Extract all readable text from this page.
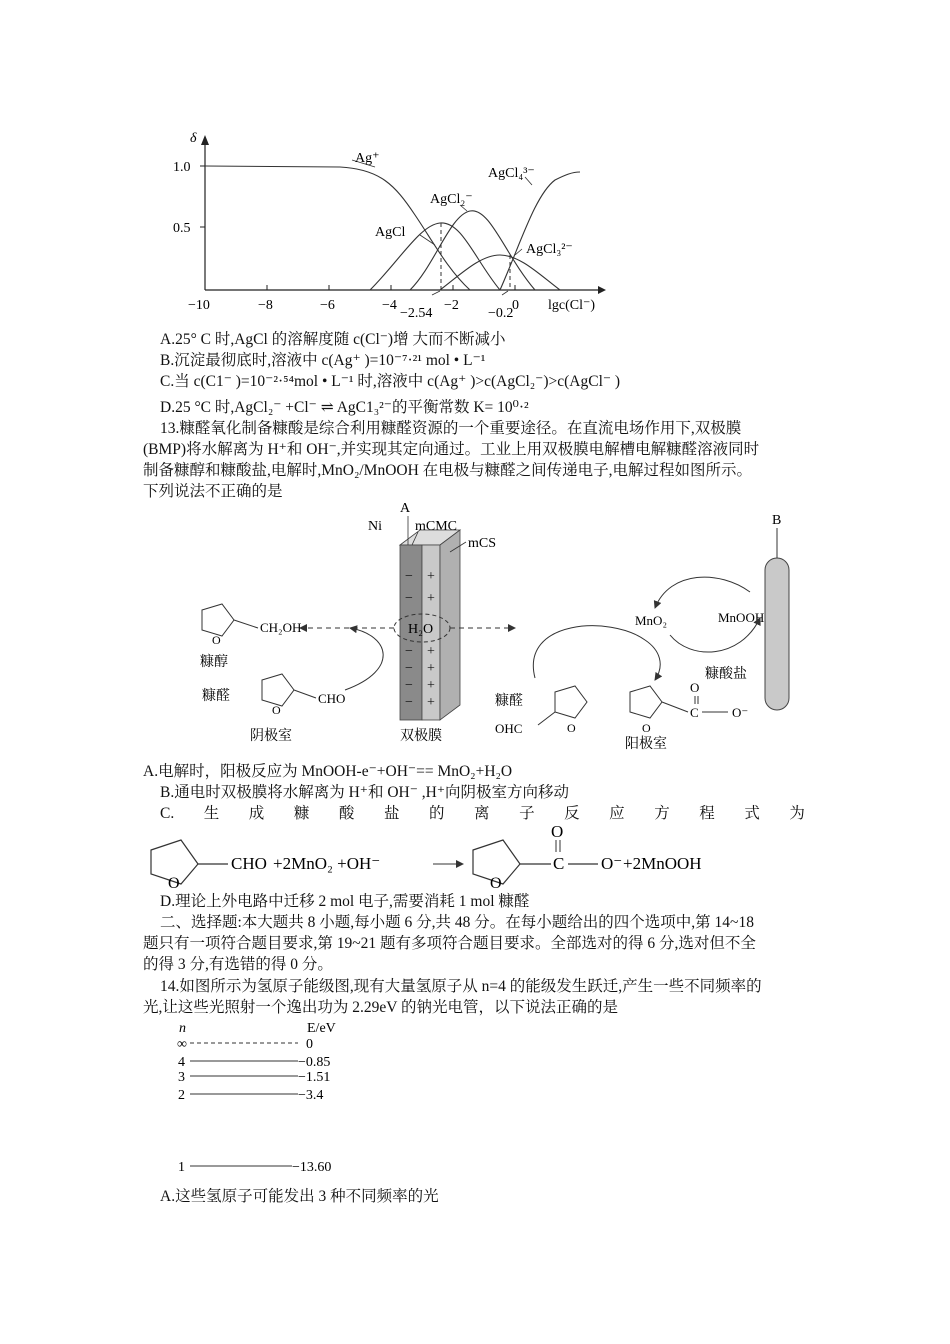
δ
1.0
0.5
−10	−8	−6	−4	−2	0 lgc(Cl⁻)
−2.54	−0.2
Ag⁺
AgCl
AgCl₂⁻
AgCl₃²⁻
AgCl₄³⁻
A.25° C 时,AgCl 的溶解度随 c(Cl⁻)增 大而不断减小
B.沉淀最彻底时,溶液中 c(Ag⁺ )=10⁻⁷·²¹ mol • L⁻¹
C.当 c(C1⁻ )=10⁻²·⁵⁴mol • L⁻¹ 时,溶液中 c(Ag⁺ )>c(AgCl₂⁻)>c(AgCl⁻ )
D.25 °C 时,AgCl₂⁻ +Cl⁻ ⇌ AgC1₃²⁻的平衡常数 K= 10⁰·²
13.糠醛氧化制备糠酸是综合利用糠醛资源的一个重要途径。在直流电场作用下,双极膜
(BMP)将水解离为 H⁺和 OH⁻,并实现其定向通过。工业上用双极膜电解槽电解糠醛溶液同时
制备糠醇和糠酸盐,电解时,MnO₂/MnOOH 在电极与糠醛之间传递电子,电解过程如图所示。
下列说法不正确的是
− +
− +
− +
− +
− +
− +
H₂O
Ni
A
mCMC
mCS
O
CH₂OH
糠醇
O
CHO
糠醛
阴极室	双极膜
B
MnO₂	MnOOH
糠酸盐
O
OHC
糠醛
O
C
O
O⁻
阳极室
A.电解时，阳极反应为 MnOOH-e⁻+OH⁻== MnO₂+H₂O
B.通电时双极膜将水解离为 H⁺和 OH⁻ ,H⁺向阴极室方向移动
C. 生 成 糠 酸 盐 的 离 子 反 应 方 程 式 为
O
CHO +2MnO₂ +OH⁻
O
C
O
O⁻ +2MnOOH
D.理论上外电路中迁移 2 mol 电子,需要消耗 1 mol 糠醛
二、选择题:本大题共 8 小题,每小题 6 分,共 48 分。在每小题给出的四个选项中,第 14~18
题只有一项符合题目要求,第 19~21 题有多项符合题目要求。全部选对的得 6 分,选对但不全
的得 3 分,有选错的得 0 分。
14.如图所示为氢原子能级图,现有大量氢原子从 n=4 的能级发生跃迁,产生一些不同频率的
光,让这些光照射一个逸出功为 2.29eV 的钠光电管，以下说法正确的是
n	E/eV
∞	0
4	−0.85
3	−1.51
2	−3.4
1	−13.60
A.这些氢原子可能发出 3 种不同频率的光
